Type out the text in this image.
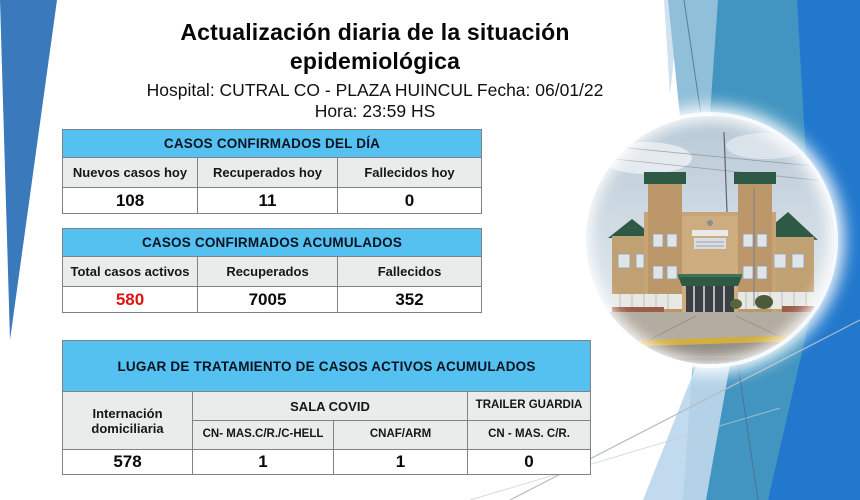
Actualización diaria de la situación
epidemiológica
Hospital: CUTRAL CO - PLAZA HUINCUL Fecha: 06/01/22
Hora: 23:59 HS
CASOS CONFIRMADOS DEL DÍA		
Nuevos casos hoy	Recuperados hoy	Fallecidos hoy
108	11	0
CASOS CONFIRMADOS ACUMULADOS		
Total casos activos	Recuperados	Fallecidos
580	7005	352
LUGAR DE TRATAMIENTO DE CASOS ACTIVOS ACUMULADOS			
Internación domiciliaria	SALA COVID		TRAILER GUARDIA
	CN- MAS.C/R./C-HELL	CNAF/ARM	CN - MAS. C/R.
578	1	1	0
